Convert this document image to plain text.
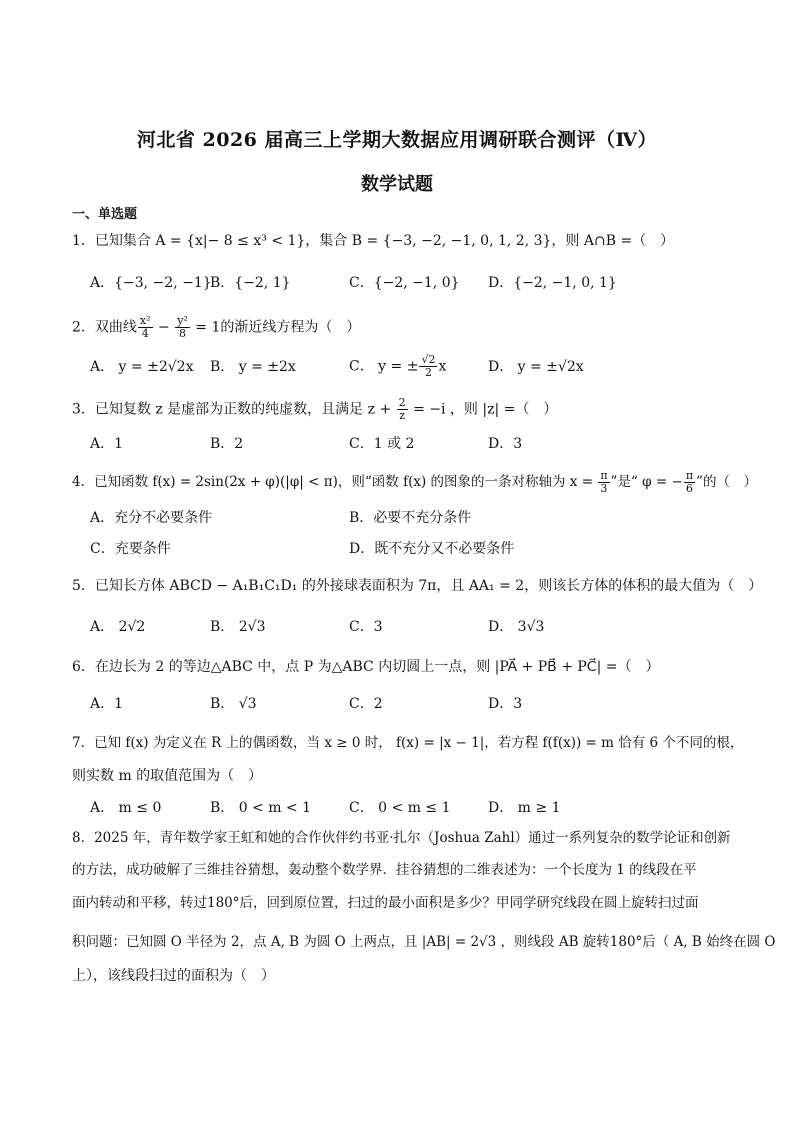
河北省 2026 届高三上学期大数据应用调研联合测评（Ⅳ）
数学试题
一、单选题
1．已知集合 A = {x|− 8 ≤ x³ < 1}，集合 B = {−3, −2, −1, 0, 1, 2, 3}，则 A∩B =（　）
A．{−3, −2, −1}
B．{−2, 1}	C．{−2, −1, 0} D．{−2, −1, 0, 1}
2．双曲线 $\frac{\text{x²}}{4} - \frac{\text{y²}}{8} = 1$的渐近线方程为（　）
A． y = ±2√2x B． y = ±2x	C． y = ± $\frac{√2}{2}$ x	D． y = ±√2x
3．已知复数 z 是虚部为正数的纯虚数，且满足 $z + \frac{2}{z} = -i$ ，则 |z| =（　）
A．1	B．2	C．1 或 2	D．3
4．已知函数 f(x) = 2sin(2x + φ)(|φ| < π)，则“函数 f(x) 的图象的一条对称轴为 $x = \frac{\pi}{3}$ ”是“ φ = − $\frac{\pi}{6}$ ”的（　）
A．充分不必要条件	B．必要不充分条件
C．充要条件	D．既不充分又不必要条件
5．已知长方体 ABCD − A₁B₁C₁D₁ 的外接球表面积为 7π，且 AA₁ = 2，则该长方体的体积的最大值为（　）
A． 2√2	B． 2√3	C．3	D． 3√3
6．在边长为 2 的等边△ABC 中，点 P 为△ABC 内切圆上一点，则 |PA⃗ + PB⃗ + PC⃗| =（　）
A．1	B． √3	C．2	D．3
7．已知 f(x) 为定义在 R 上的偶函数，当 x ≥ 0 时， f(x) = |x − 1|，若方程 f(f(x)) = m 恰有 6 个不同的根，
则实数 m 的取值范围为（　）
A． m ≤ 0	B． 0 < m < 1	C． 0 < m ≤ 1	D． m ≥ 1
8．2025 年，青年数学家王虹和她的合作伙伴约书亚·扎尔（Joshua Zahl）通过一系列复杂的数学论证和创新
的方法，成功破解了三维挂谷猜想，轰动整个数学界．挂谷猜想的二维表述为：一个长度为 1 的线段在平
面内转动和平移，转过180°后，回到原位置，扫过的最小面积是多少？甲同学研究线段在圆上旋转扫过面
积问题：已知圆 O 半径为 2，点 A, B 为圆 O 上两点，且 |AB| = 2√3 ，则线段 AB 旋转180°后（ A, B 始终在圆 O
上），该线段扫过的面积为（　）
